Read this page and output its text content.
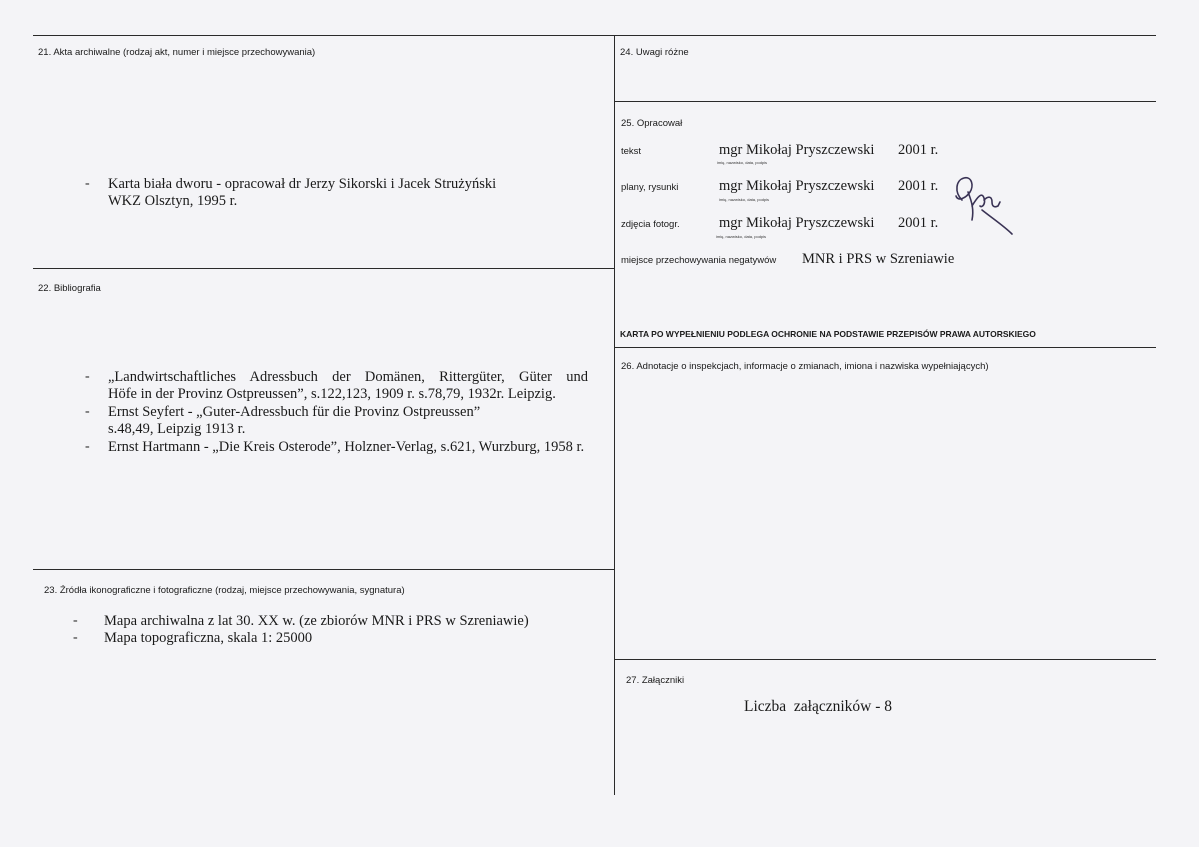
21. Akta archiwalne (rodzaj akt, numer i miejsce przechowywania)
- Karta biała dworu - opracował dr Jerzy Sikorski i Jacek Strużyński
WKZ Olsztyn, 1995 r.
22. Bibliografia
- „Landwirtschaftliches Adressbuch der Domänen, Rittergüter, Güter und
Höfe in der Provinz Ostpreussen”, s.122,123, 1909 r. s.78,79, 1932r. Leipzig.
- Ernst Seyfert - „Guter-Adressbuch für die Provinz Ostpreussen”
s.48,49, Leipzig 1913 r.
- Ernst Hartmann - „Die Kreis Osterode”, Holzner-Verlag, s.621, Wurzburg, 1958 r.
23. Źródła ikonograficzne i fotograficzne (rodzaj, miejsce przechowywania, sygnatura)
- Mapa archiwalna z lat 30. XX w. (ze zbiorów MNR i PRS w Szreniawie)
- Mapa topograficzna, skala 1: 25000
24. Uwagi różne
25. Opracował
tekst	mgr Mikołaj Pryszczewski 2001 r.
imię, nazwisko, data, podpis
plany, rysunki	mgr Mikołaj Pryszczewski 2001 r.
imię, nazwisko, data, podpis
zdjęcia fotogr.	mgr Mikołaj Pryszczewski 2001 r.
imię, nazwisko, data, podpis
miejsce przechowywania negatywów MNR i PRS w Szreniawie
KARTA PO WYPEŁNIENIU PODLEGA OCHRONIE NA PODSTAWIE PRZEPISÓW PRAWA AUTORSKIEGO
26. Adnotacje o inspekcjach, informacje o zmianach, imiona i nazwiska wypełniających)
27. Załączniki
Liczba  załączników - 8
